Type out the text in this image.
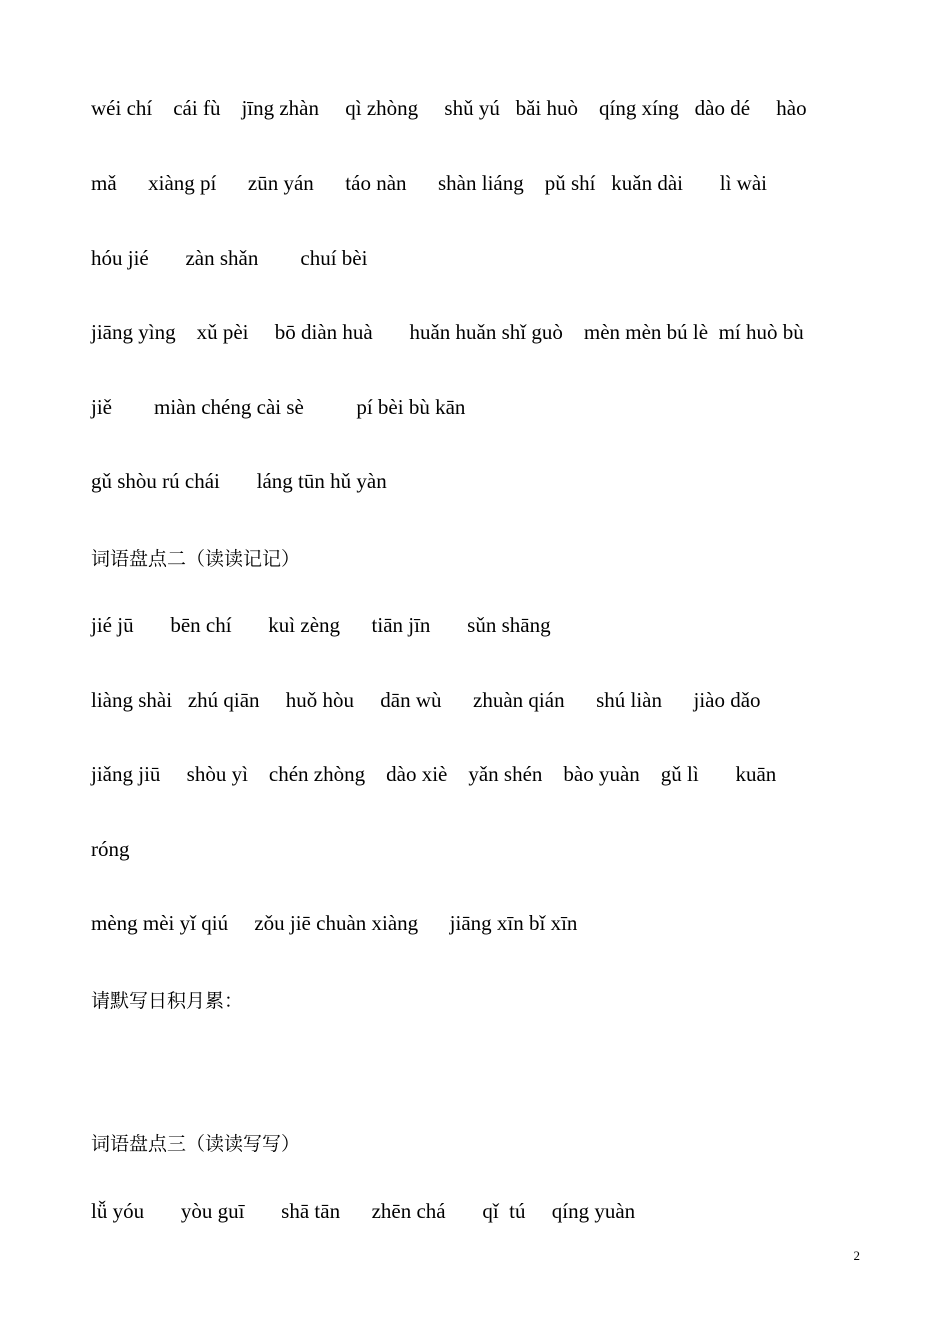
wéi chí    cái fù    jīng zhàn     qì zhòng     shǔ yú   bǎi huò    qíng xíng   dào dé     hào
mǎ      xiàng pí      zūn yán      táo nàn      shàn liáng    pǔ shí   kuǎn dài       lì wài
hóu jié       zàn shǎn        chuí bèi
jiāng yìng    xǔ pèi     bō diàn huà       huǎn huǎn shǐ guò    mèn mèn bú lè  mí huò bù
jiě        miàn chéng cài sè          pí bèi bù kān
gǔ shòu rú chái       láng tūn hǔ yàn
词语盘点二（读读记记）
jié jū       bēn chí       kuì zèng      tiān jīn       sǔn shāng
liàng shài   zhú qiān     huǒ hòu     dān wù      zhuàn qián      shú liàn      jiào dǎo
jiǎng jiū     shòu yì    chén zhòng    dào xiè    yǎn shén    bào yuàn    gǔ lì       kuān
róng
mèng mèi yǐ qiú     zǒu jiē chuàn xiàng      jiāng xīn bǐ xīn
请默写日积月累：
词语盘点三（读读写写）
lǚ yóu       yòu guī       shā tān      zhēn chá       qǐ  tú     qíng yuàn
2
